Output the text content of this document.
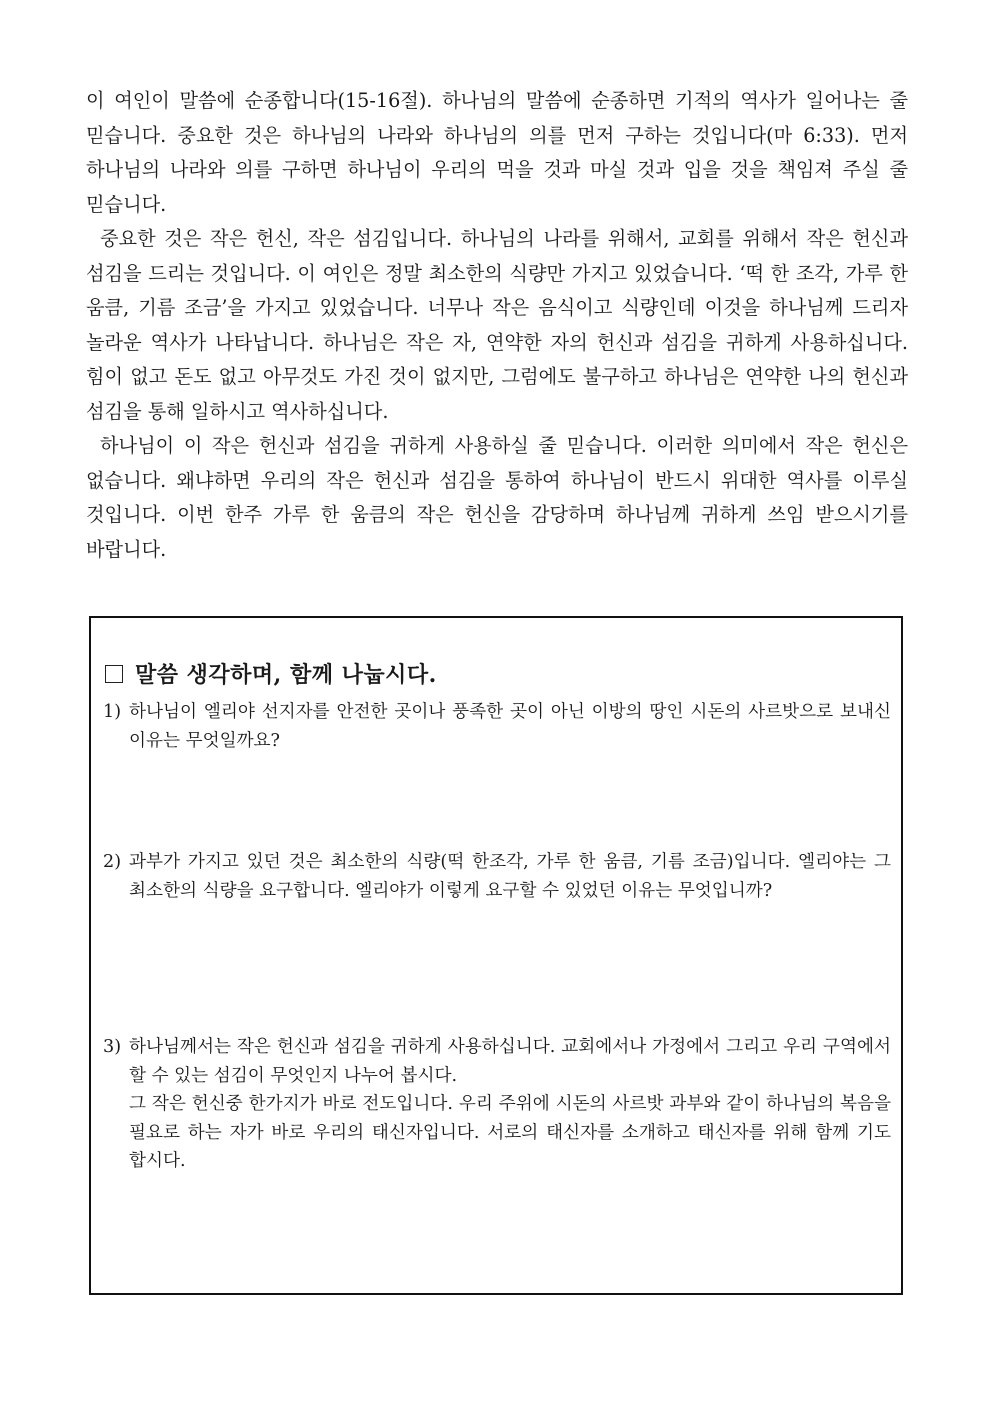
이 여인이 말씀에 순종합니다(15-16절). 하나님의 말씀에 순종하면 기적의 역사가 일어나는 줄 믿습니다. 중요한 것은 하나님의 나라와 하나님의 의를 먼저 구하는 것입니다(마 6:33). 먼저 하나님의 나라와 의를 구하면 하나님이 우리의 먹을 것과 마실 것과 입을 것을 책임져 주실 줄 믿습니다.

중요한 것은 작은 헌신, 작은 섬김입니다. 하나님의 나라를 위해서, 교회를 위해서 작은 헌신과 섬김을 드리는 것입니다. 이 여인은 정말 최소한의 식량만 가지고 있었습니다. ‘떡 한 조각, 가루 한 움큼, 기름 조금’을 가지고 있었습니다. 너무나 작은 음식이고 식량인데 이것을 하나님께 드리자 놀라운 역사가 나타납니다. 하나님은 작은 자, 연약한 자의 헌신과 섬김을 귀하게 사용하십니다. 힘이 없고 돈도 없고 아무것도 가진 것이 없지만, 그럼에도 불구하고 하나님은 연약한 나의 헌신과 섬김을 통해 일하시고 역사하십니다.

하나님이 이 작은 헌신과 섬김을 귀하게 사용하실 줄 믿습니다. 이러한 의미에서 작은 헌신은 없습니다. 왜냐하면 우리의 작은 헌신과 섬김을 통하여 하나님이 반드시 위대한 역사를 이루실 것입니다. 이번 한주 가루 한 움큼의 작은 헌신을 감당하며 하나님께 귀하게 쓰임 받으시기를 바랍니다.

말씀 생각하며, 함께 나눕시다.
1) 하나님이 엘리야 선지자를 안전한 곳이나 풍족한 곳이 아닌 이방의 땅인 시돈의 사르밧으로 보내신 이유는 무엇일까요?

2) 과부가 가지고 있던 것은 최소한의 식량(떡 한조각, 가루 한 움큼, 기름 조금)입니다. 엘리야는 그 최소한의 식량을 요구합니다. 엘리야가 이렇게 요구할 수 있었던 이유는 무엇입니까?

3) 하나님께서는 작은 헌신과 섬김을 귀하게 사용하십니다. 교회에서나 가정에서 그리고 우리 구역에서 할 수 있는 섬김이 무엇인지 나누어 봅시다.

그 작은 헌신중 한가지가 바로 전도입니다. 우리 주위에 시돈의 사르밧 과부와 같이 하나님의 복음을 필요로 하는 자가 바로 우리의 태신자입니다. 서로의 태신자를 소개하고 태신자를 위해 함께 기도 합시다.
